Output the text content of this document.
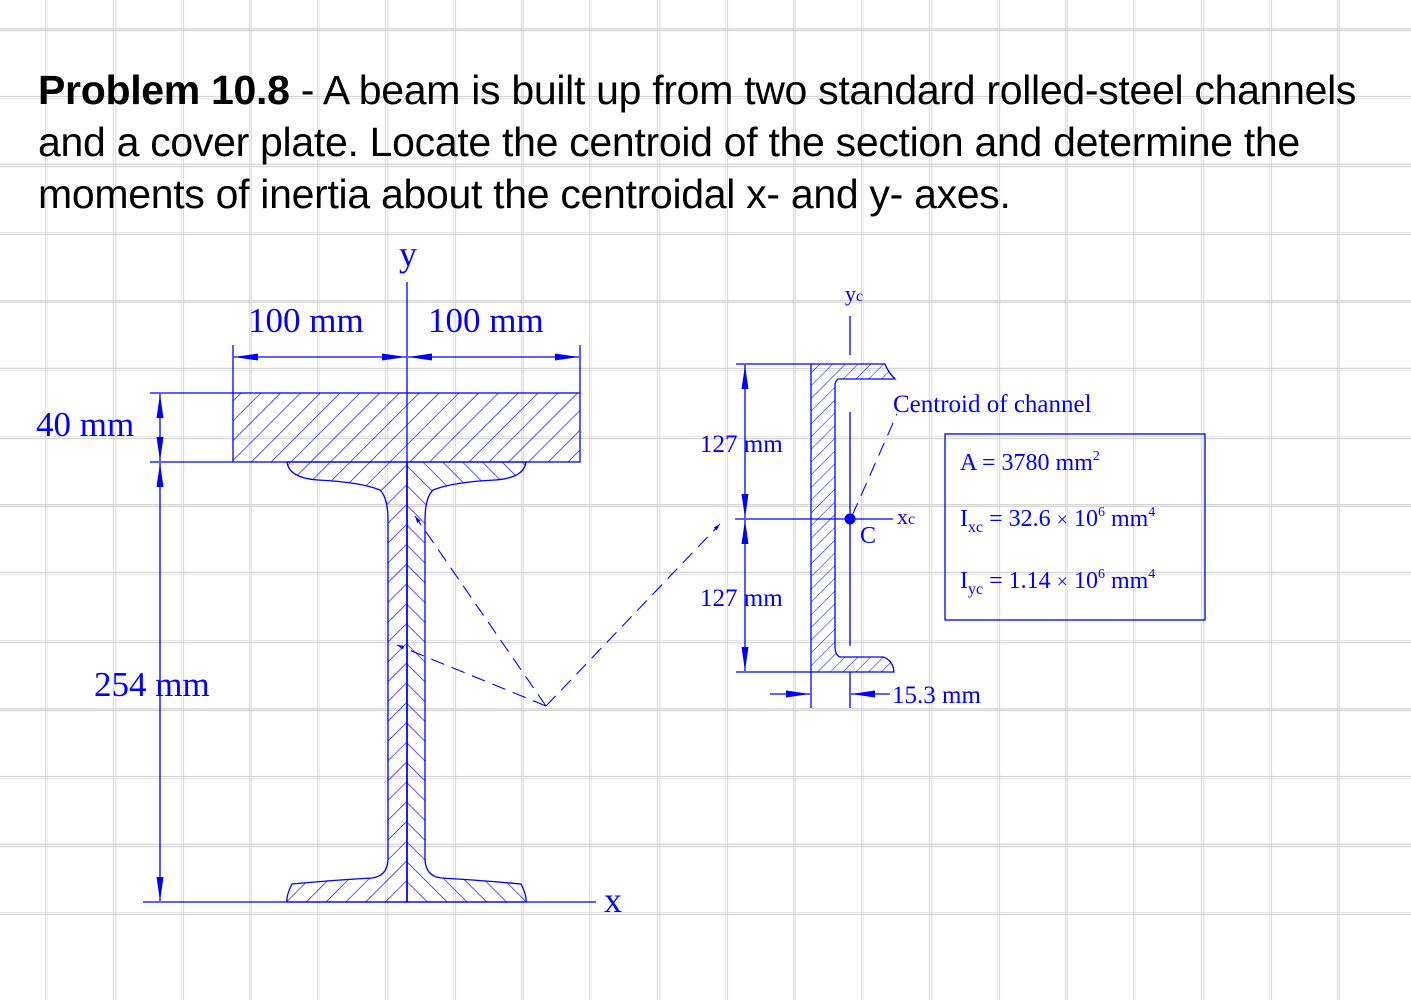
Problem 10.8 - A beam is built up from two standard rolled-steel channels and a cover plate. Locate the centroid of the section and determine the moments of inertia about the centroidal x- and y- axes.

y
x
100 mm 100 mm
40 mm
254 mm
yc
xc
C
Centroid of channel
127 mm
127 mm
15.3 mm
A = 3780 $mm^2$
$I_{xc} = 32.6 \times 10^6$ $mm^4$
$I_{yc} = 1.14 \times 10^6$ $mm^4$
